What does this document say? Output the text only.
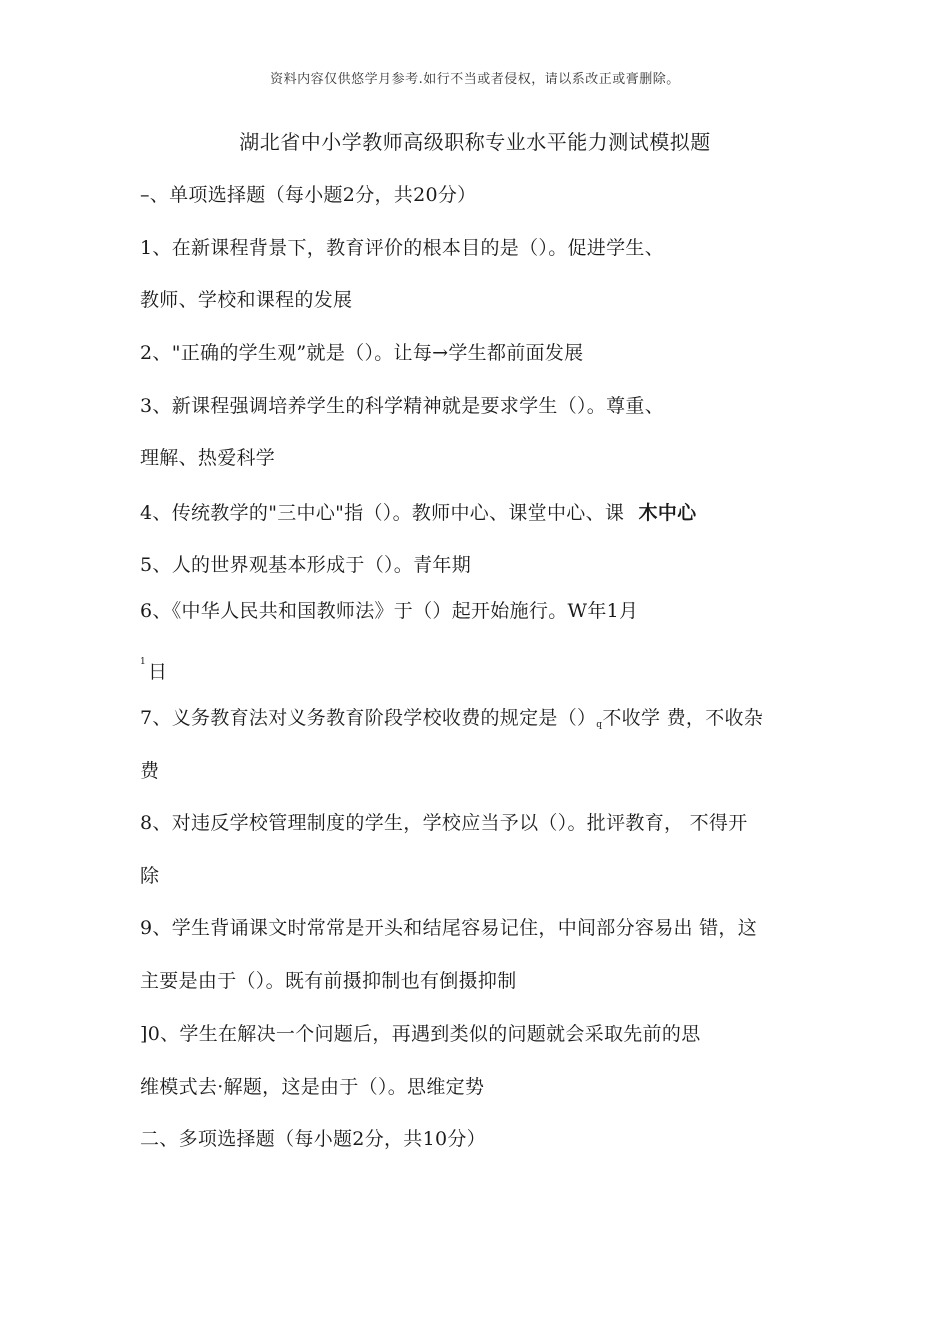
资料内容仅供悠学月参考.如行不当或者侵权，请以系改正或膏删除。
湖北省中小学教师高级职称专业水平能力测试模拟题
–、单项选择题（每小题2分，共20分）
1、在新课程背景下，教育评价的根本目的是（）。促进学生、
教师、学校和课程的发展
2、"正确的学生观”就是（）。让每→学生都前面发展
3、新课程强调培养学生的科学精神就是要求学生（）。尊重、
理解、热爱科学
4、传统教学的"三中心"指（）。教师中心、课堂中心、课 木中心
5、人的世界观基本形成于（）。青年期
6、《中华人民共和国教师法》于（）起开始施行。W年1月
$^1$ 日
7、义务教育法对义务教育阶段学校收费的规定是（）q不收学 费，不收杂
费
8、对违反学校管理制度的学生，学校应当予以（）。批评教育， 不得开
除
9、学生背诵课文时常常是开头和结尾容易记住，中间部分容易出 错，这
主要是由于（）。既有前摄抑制也有倒摄抑制
]0、学生在解决一个问题后，再遇到类似的问题就会采取先前的思
维模式去·解题，这是由于（）。思维定势
二、多项选择题（每小题2分，共10分）
